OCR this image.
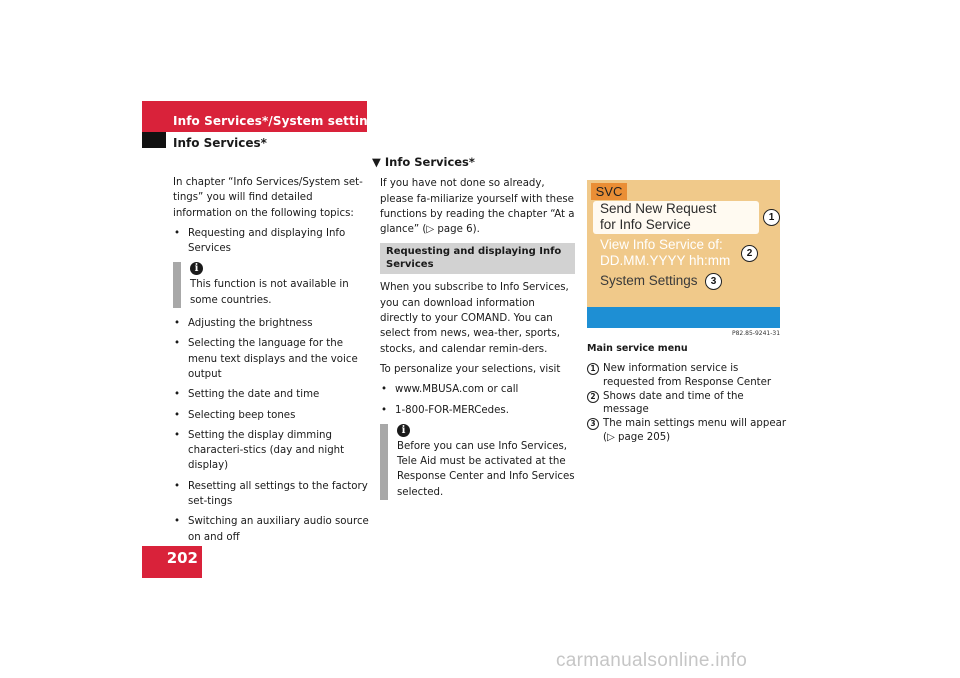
Info Services*/System settings
Info Services*

In chapter “Info Services/System set-tings” you will find detailed information on the following topics:

• Requesting and displaying Info Services
i
This function is not available in some countries.
• Adjusting the brightness
• Selecting the language for the menu text displays and the voice output
• Setting the date and time
• Selecting beep tones
• Setting the display dimming characteri-stics (day and night display)
• Resetting all settings to the factory set-tings
• Switching an auxiliary audio source on and off
▼ Info Services*

If you have not done so already, please fa-miliarize yourself with these functions by reading the chapter “At a glance” (▷ page 6).

Requesting and displaying Info Services

When you subscribe to Info Services, you can download information directly to your COMAND. You can select from news, wea-ther, sports, stocks, and calendar remin-ders.

To personalize your selections, visit

• www.MBUSA.com or call
• 1-800-FOR-MERCedes.
i
Before you can use Info Services, Tele Aid must be activated at the Response Center and Info Services selected.
SVC
Send New Request
for Info Service
View Info Service of:
DD.MM.YYYY hh:mm
System Settings
1
2
3
P82.85-9241-31
Main service menu
1 New information service is requested from Response Center
2 Shows date and time of the message
3 The main settings menu will appear (▷ page 205)
202
carmanualsonline.info
